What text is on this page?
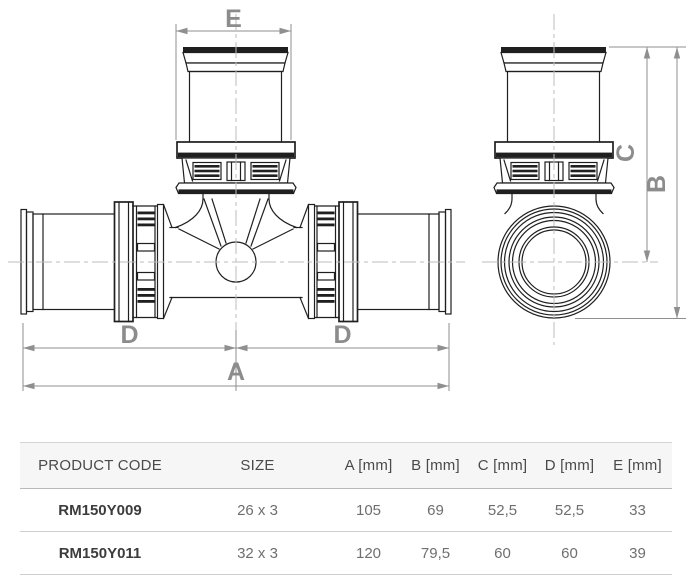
E
D	D
A
C
B
PRODUCT CODE	SIZE	A [mm]	B [mm]	C [mm]	D [mm]	E [mm]
RM150Y009	26 x 3	105	69	52,5	52,5	33
RM150Y011	32 x 3	120	79,5	60	60	39
